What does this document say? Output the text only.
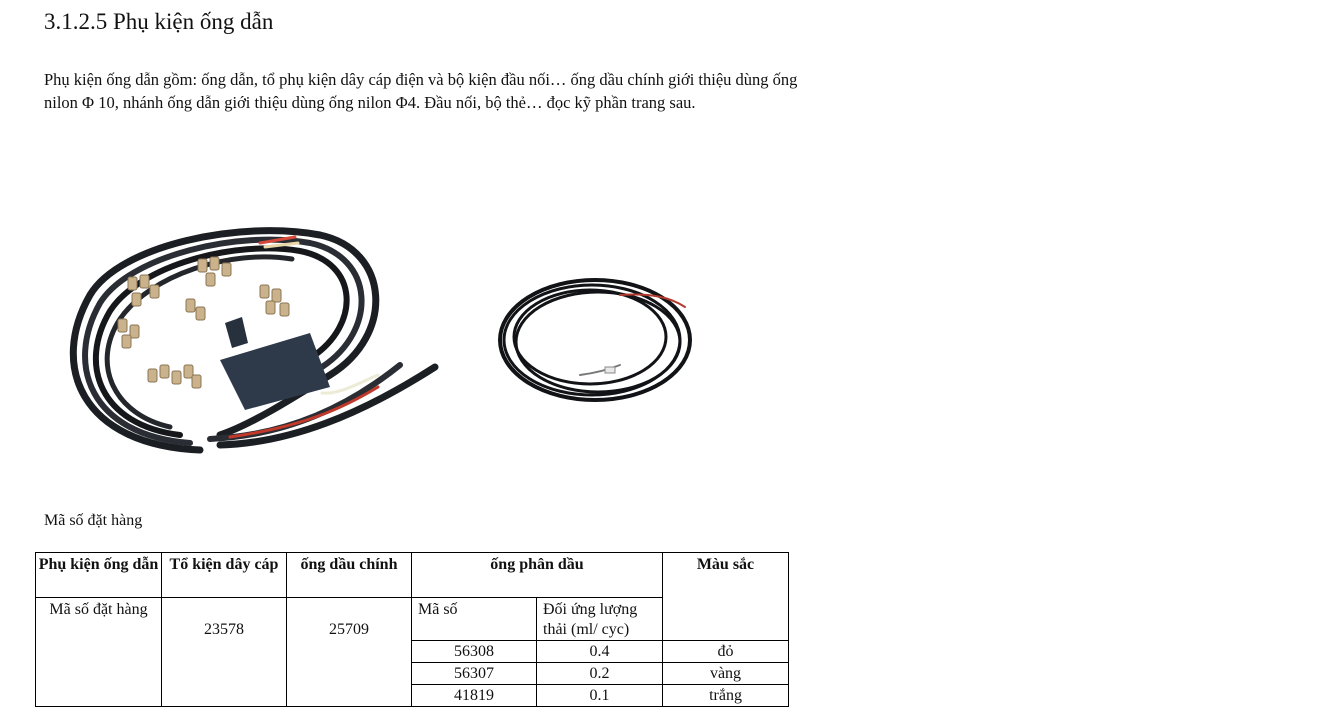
3.1.2.5 Phụ kiện ống dẫn

Phụ kiện ống dẫn gồm: ống dẫn, tổ phụ kiện dây cáp điện và bộ kiện đầu nối… ống dầu chính giới thiệu dùng ống nilon Φ 10, nhánh ống dẫn giới thiệu dùng ống nilon Φ4. Đầu nối, bộ thẻ… đọc kỹ phần trang sau.

Mã số đặt hàng

Phụ kiện ống dẫn	Tổ kiện dây cáp	ống dầu chính	ống phân dầu		Màu sắc
Mã số đặt hàng	23578	25709	Mã số	Đối ứng lượng thải (ml/ cyc)	
			56308	0.4	đỏ
			56307	0.2	vàng
			41819	0.1	trắng
